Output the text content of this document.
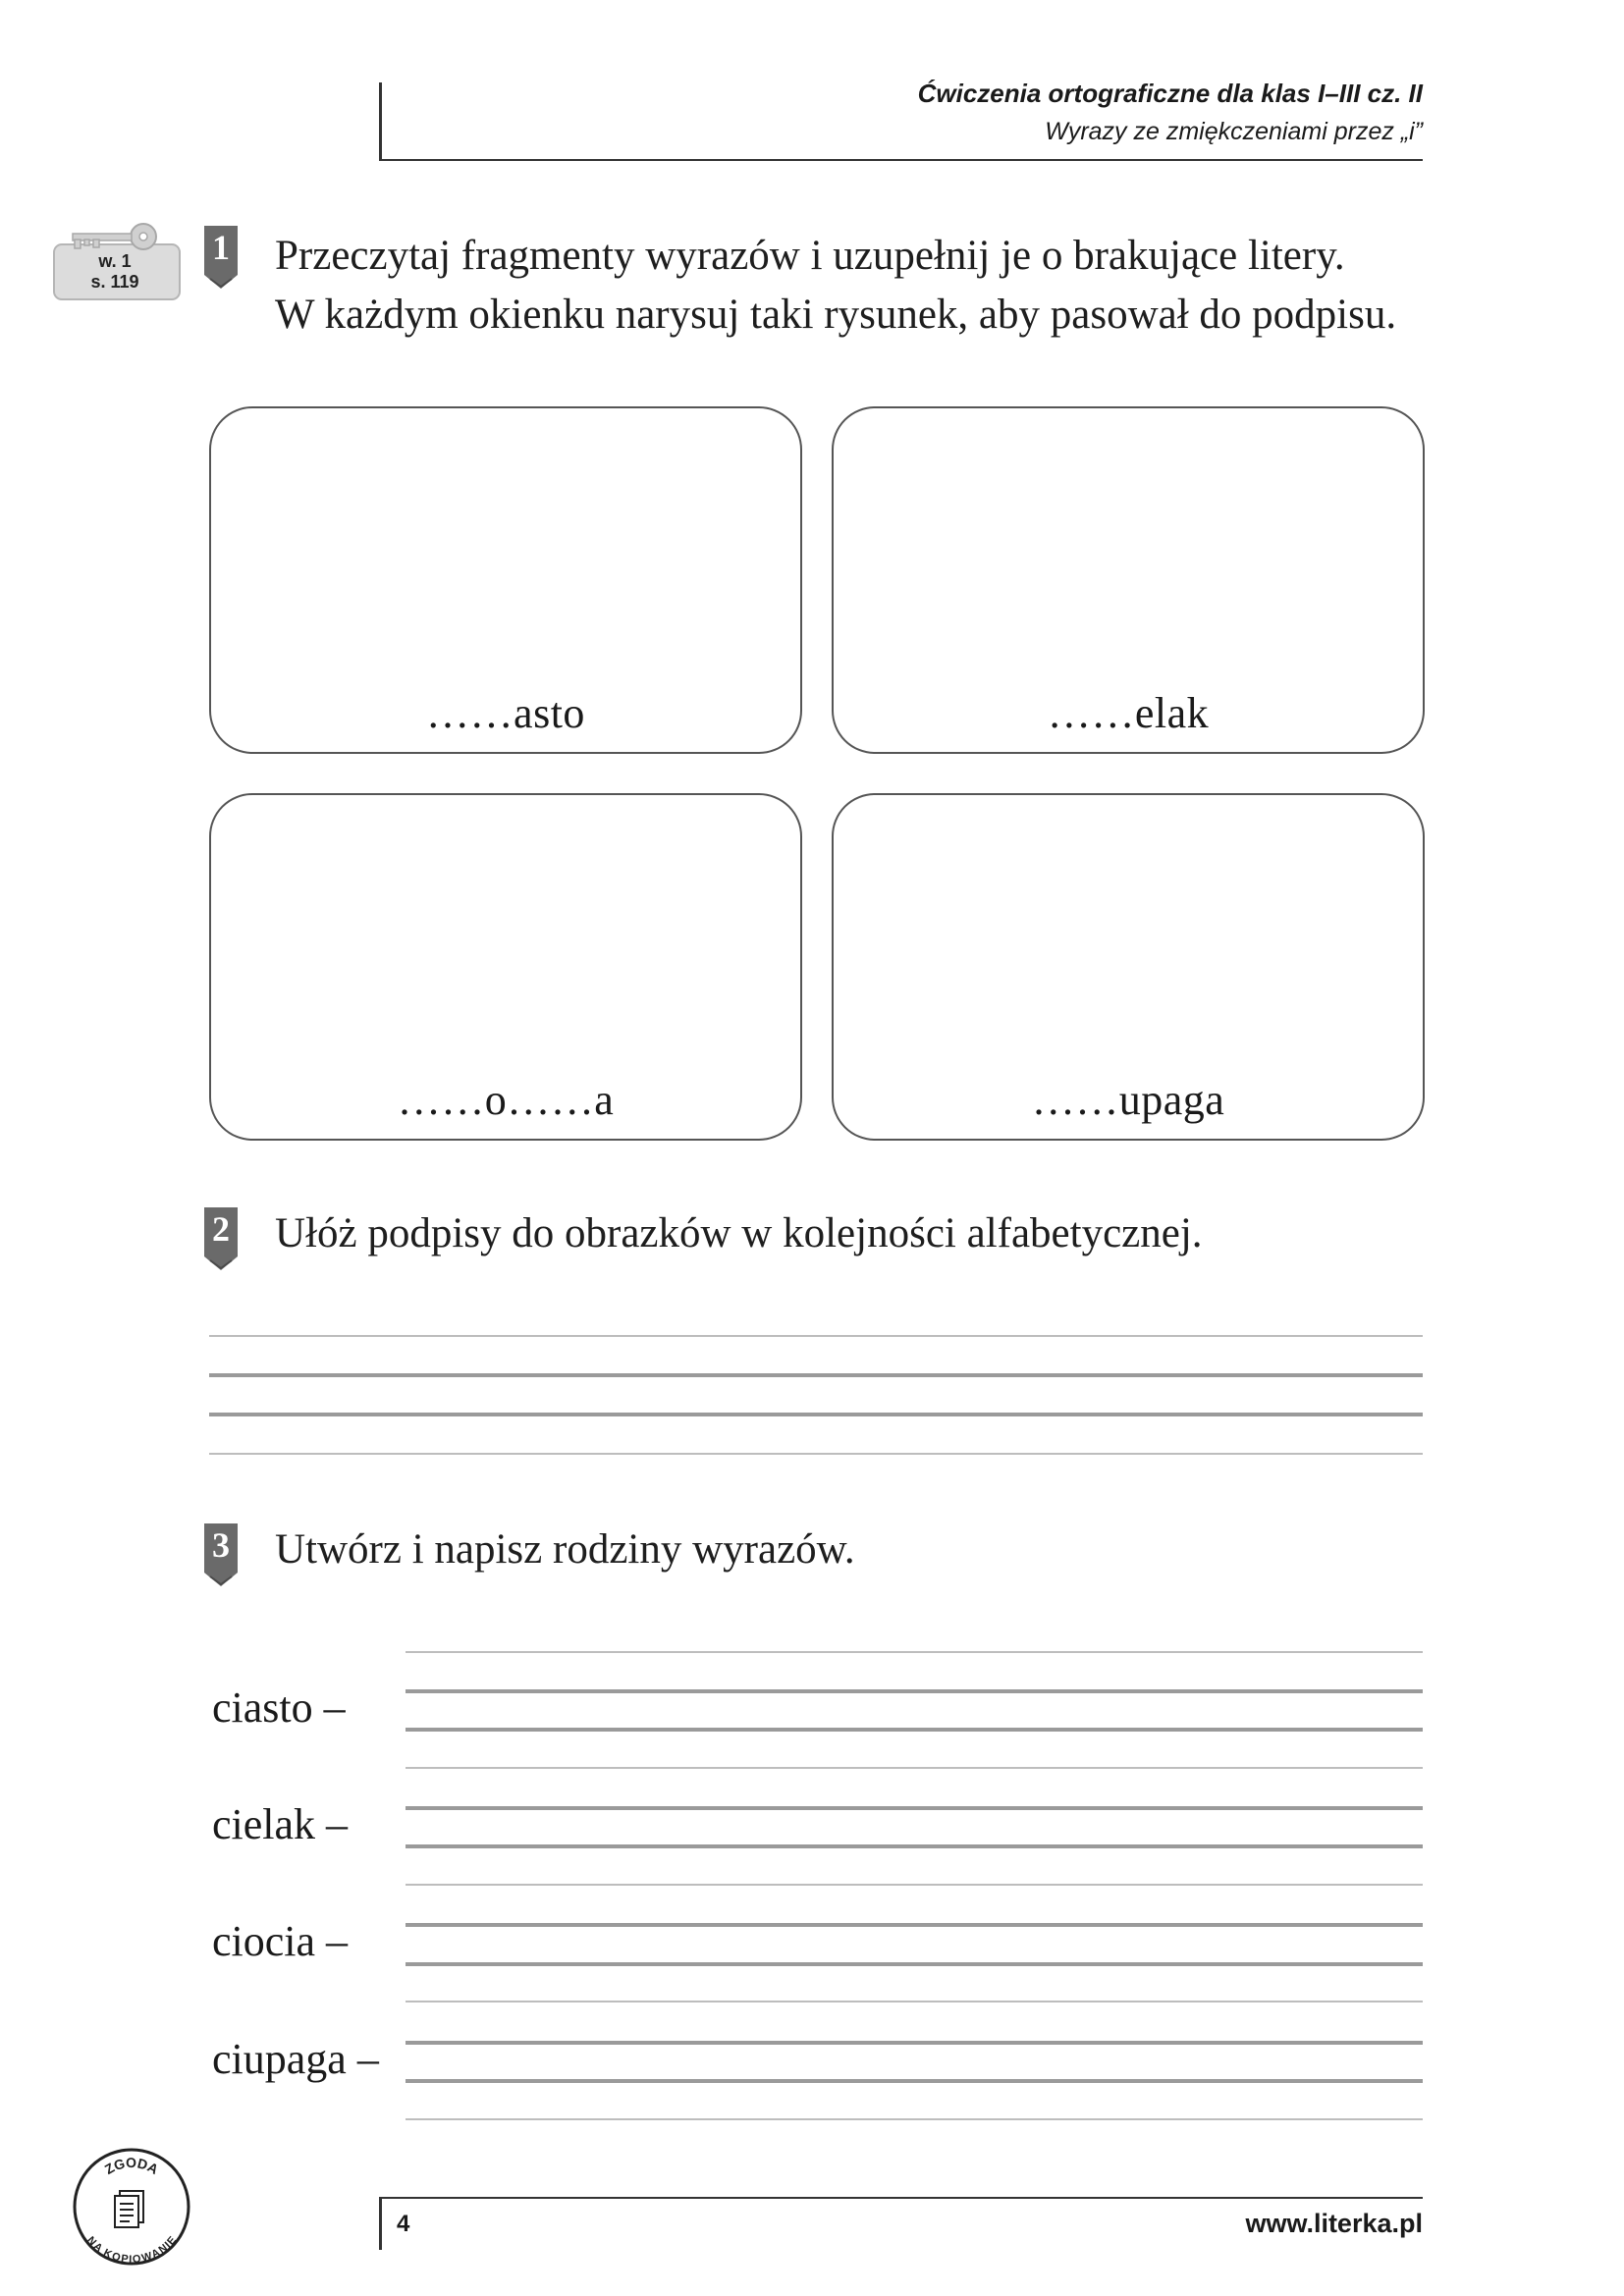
Ćwiczenia ortograficzne dla klas I–III cz. II
Wyrazy ze zmiękczeniami przez „i”
w. 1
s. 119
1 Przeczytaj fragmenty wyrazów i uzupełnij je o brakujące litery.
W każdym okienku narysuj taki rysunek, aby pasował do podpisu.
……asto	……elak
……o……a	……upaga
2 Ułóż podpisy do obrazków w kolejności alfabetycznej.
3 Utwórz i napisz rodziny wyrazów.
ciasto –
cielak –
ciocia –
ciupaga –
ZGODA
NA KOPIOWANIE
4	www.literka.pl
